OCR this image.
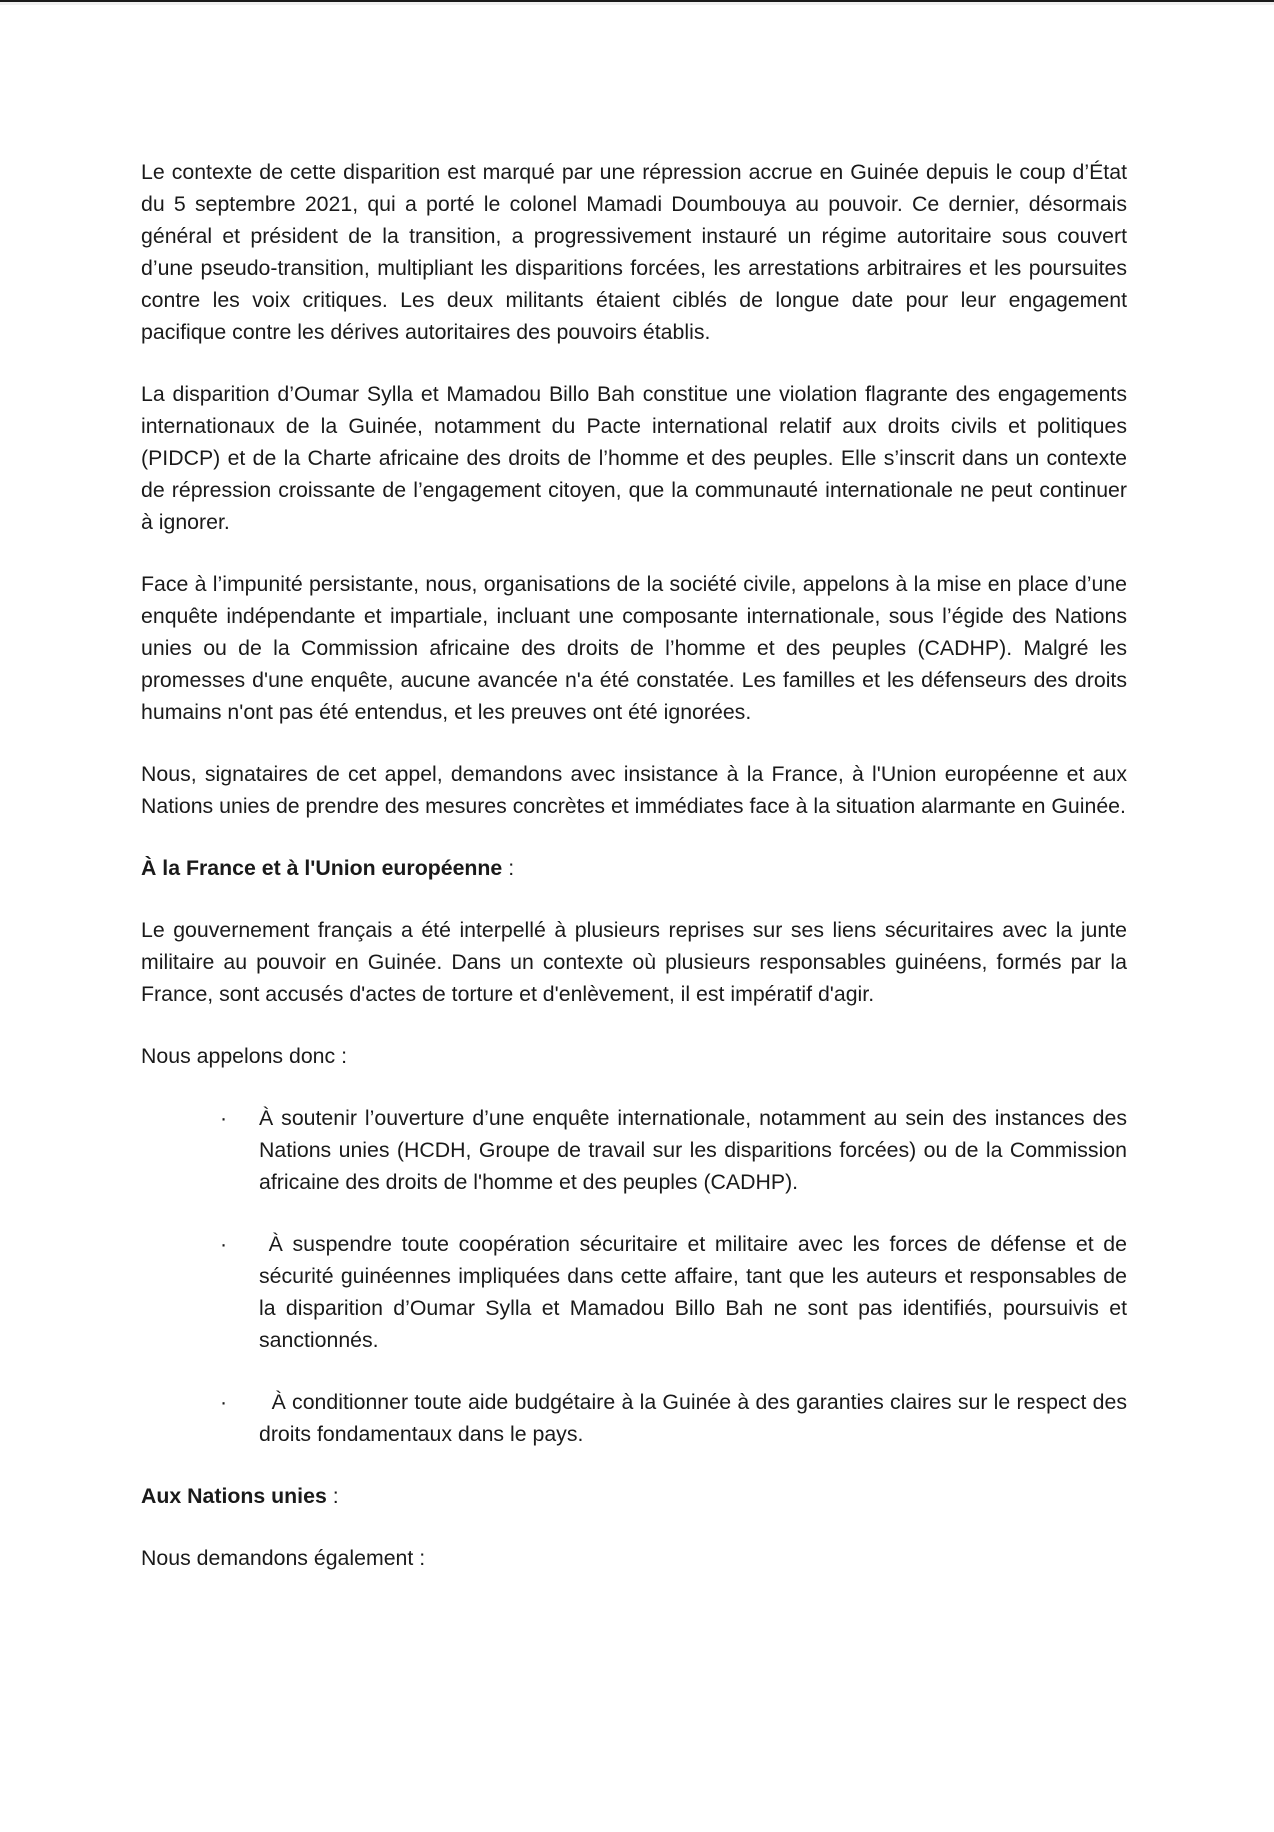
Le contexte de cette disparition est marqué par une répression accrue en Guinée depuis le coup d’État du 5 septembre 2021, qui a porté le colonel Mamadi Doumbouya au pouvoir. Ce dernier, désormais général et président de la transition, a progressivement instauré un régime autoritaire sous couvert d’une pseudo-transition, multipliant les disparitions forcées, les arrestations arbitraires et les poursuites contre les voix critiques. Les deux militants étaient ciblés de longue date pour leur engagement pacifique contre les dérives autoritaires des pouvoirs établis.

La disparition d’Oumar Sylla et Mamadou Billo Bah constitue une violation flagrante des engagements internationaux de la Guinée, notamment du Pacte international relatif aux droits civils et politiques (PIDCP) et de la Charte africaine des droits de l’homme et des peuples. Elle s’inscrit dans un contexte de répression croissante de l’engagement citoyen, que la communauté internationale ne peut continuer à ignorer.

Face à l’impunité persistante, nous, organisations de la société civile, appelons à la mise en place d’une enquête indépendante et impartiale, incluant une composante internationale, sous l’égide des Nations unies ou de la Commission africaine des droits de l’homme et des peuples (CADHP). Malgré les promesses d'une enquête, aucune avancée n'a été constatée. Les familles et les défenseurs des droits humains n'ont pas été entendus, et les preuves ont été ignorées.

Nous, signataires de cet appel, demandons avec insistance à la France, à l'Union européenne et aux Nations unies de prendre des mesures concrètes et immédiates face à la situation alarmante en Guinée.

À la France et à l'Union européenne :

Le gouvernement français a été interpellé à plusieurs reprises sur ses liens sécuritaires avec la junte militaire au pouvoir en Guinée. Dans un contexte où plusieurs responsables guinéens, formés par la France, sont accusés d'actes de torture et d'enlèvement, il est impératif d'agir.

Nous appelons donc :

· À soutenir l’ouverture d’une enquête internationale, notamment au sein des instances des Nations unies (HCDH, Groupe de travail sur les disparitions forcées) ou de la Commission africaine des droits de l'homme et des peuples (CADHP).
· À suspendre toute coopération sécuritaire et militaire avec les forces de défense et de sécurité guinéennes impliquées dans cette affaire, tant que les auteurs et responsables de la disparition d’Oumar Sylla et Mamadou Billo Bah ne sont pas identifiés, poursuivis et sanctionnés.
· À conditionner toute aide budgétaire à la Guinée à des garanties claires sur le respect des droits fondamentaux dans le pays.

Aux Nations unies :

Nous demandons également :
